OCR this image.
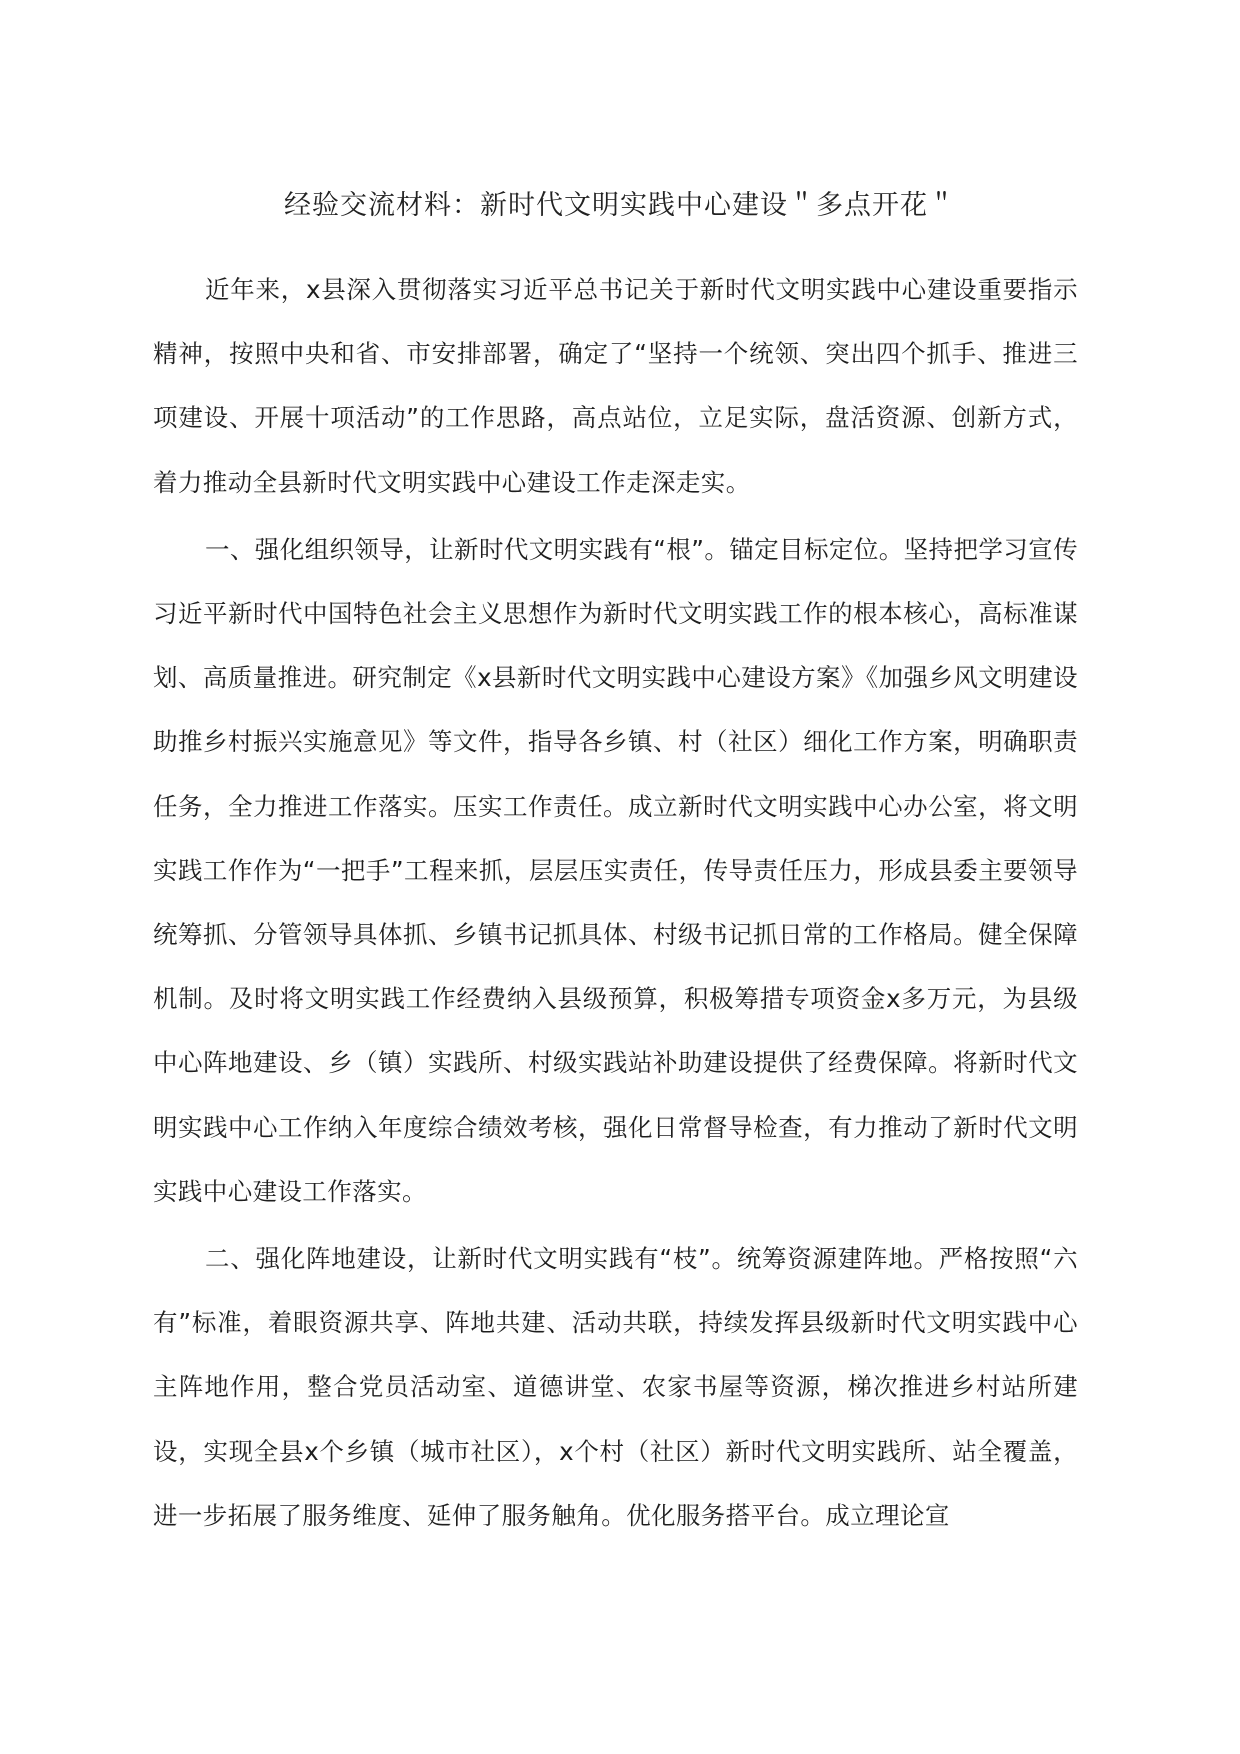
经验交流材料：新时代文明实践中心建设＂多点开花＂

近年来，x县深入贯彻落实习近平总书记关于新时代文明实践中心建设重要指示精神，按照中央和省、市安排部署，确定了“坚持一个统领、突出四个抓手、推进三项建设、开展十项活动”的工作思路，高点站位，立足实际，盘活资源、创新方式，着力推动全县新时代文明实践中心建设工作走深走实。

一、强化组织领导，让新时代文明实践有“根”。锚定目标定位。坚持把学习宣传习近平新时代中国特色社会主义思想作为新时代文明实践工作的根本核心，高标准谋划、高质量推进。研究制定《x县新时代文明实践中心建设方案》《加强乡风文明建设助推乡村振兴实施意见》等文件，指导各乡镇、村（社区）细化工作方案，明确职责任务，全力推进工作落实。压实工作责任。成立新时代文明实践中心办公室，将文明实践工作作为“一把手”工程来抓，层层压实责任，传导责任压力，形成县委主要领导统筹抓、分管领导具体抓、乡镇书记抓具体、村级书记抓日常的工作格局。健全保障机制。及时将文明实践工作经费纳入县级预算，积极筹措专项资金x多万元，为县级中心阵地建设、乡（镇）实践所、村级实践站补助建设提供了经费保障。将新时代文明实践中心工作纳入年度综合绩效考核，强化日常督导检查，有力推动了新时代文明实践中心建设工作落实。

二、强化阵地建设，让新时代文明实践有“枝”。统筹资源建阵地。严格按照“六有”标准，着眼资源共享、阵地共建、活动共联，持续发挥县级新时代文明实践中心主阵地作用，整合党员活动室、道德讲堂、农家书屋等资源，梯次推进乡村站所建设，实现全县x个乡镇（城市社区），x个村（社区）新时代文明实践所、站全覆盖，进一步拓展了服务维度、延伸了服务触角。优化服务搭平台。成立理论宣
